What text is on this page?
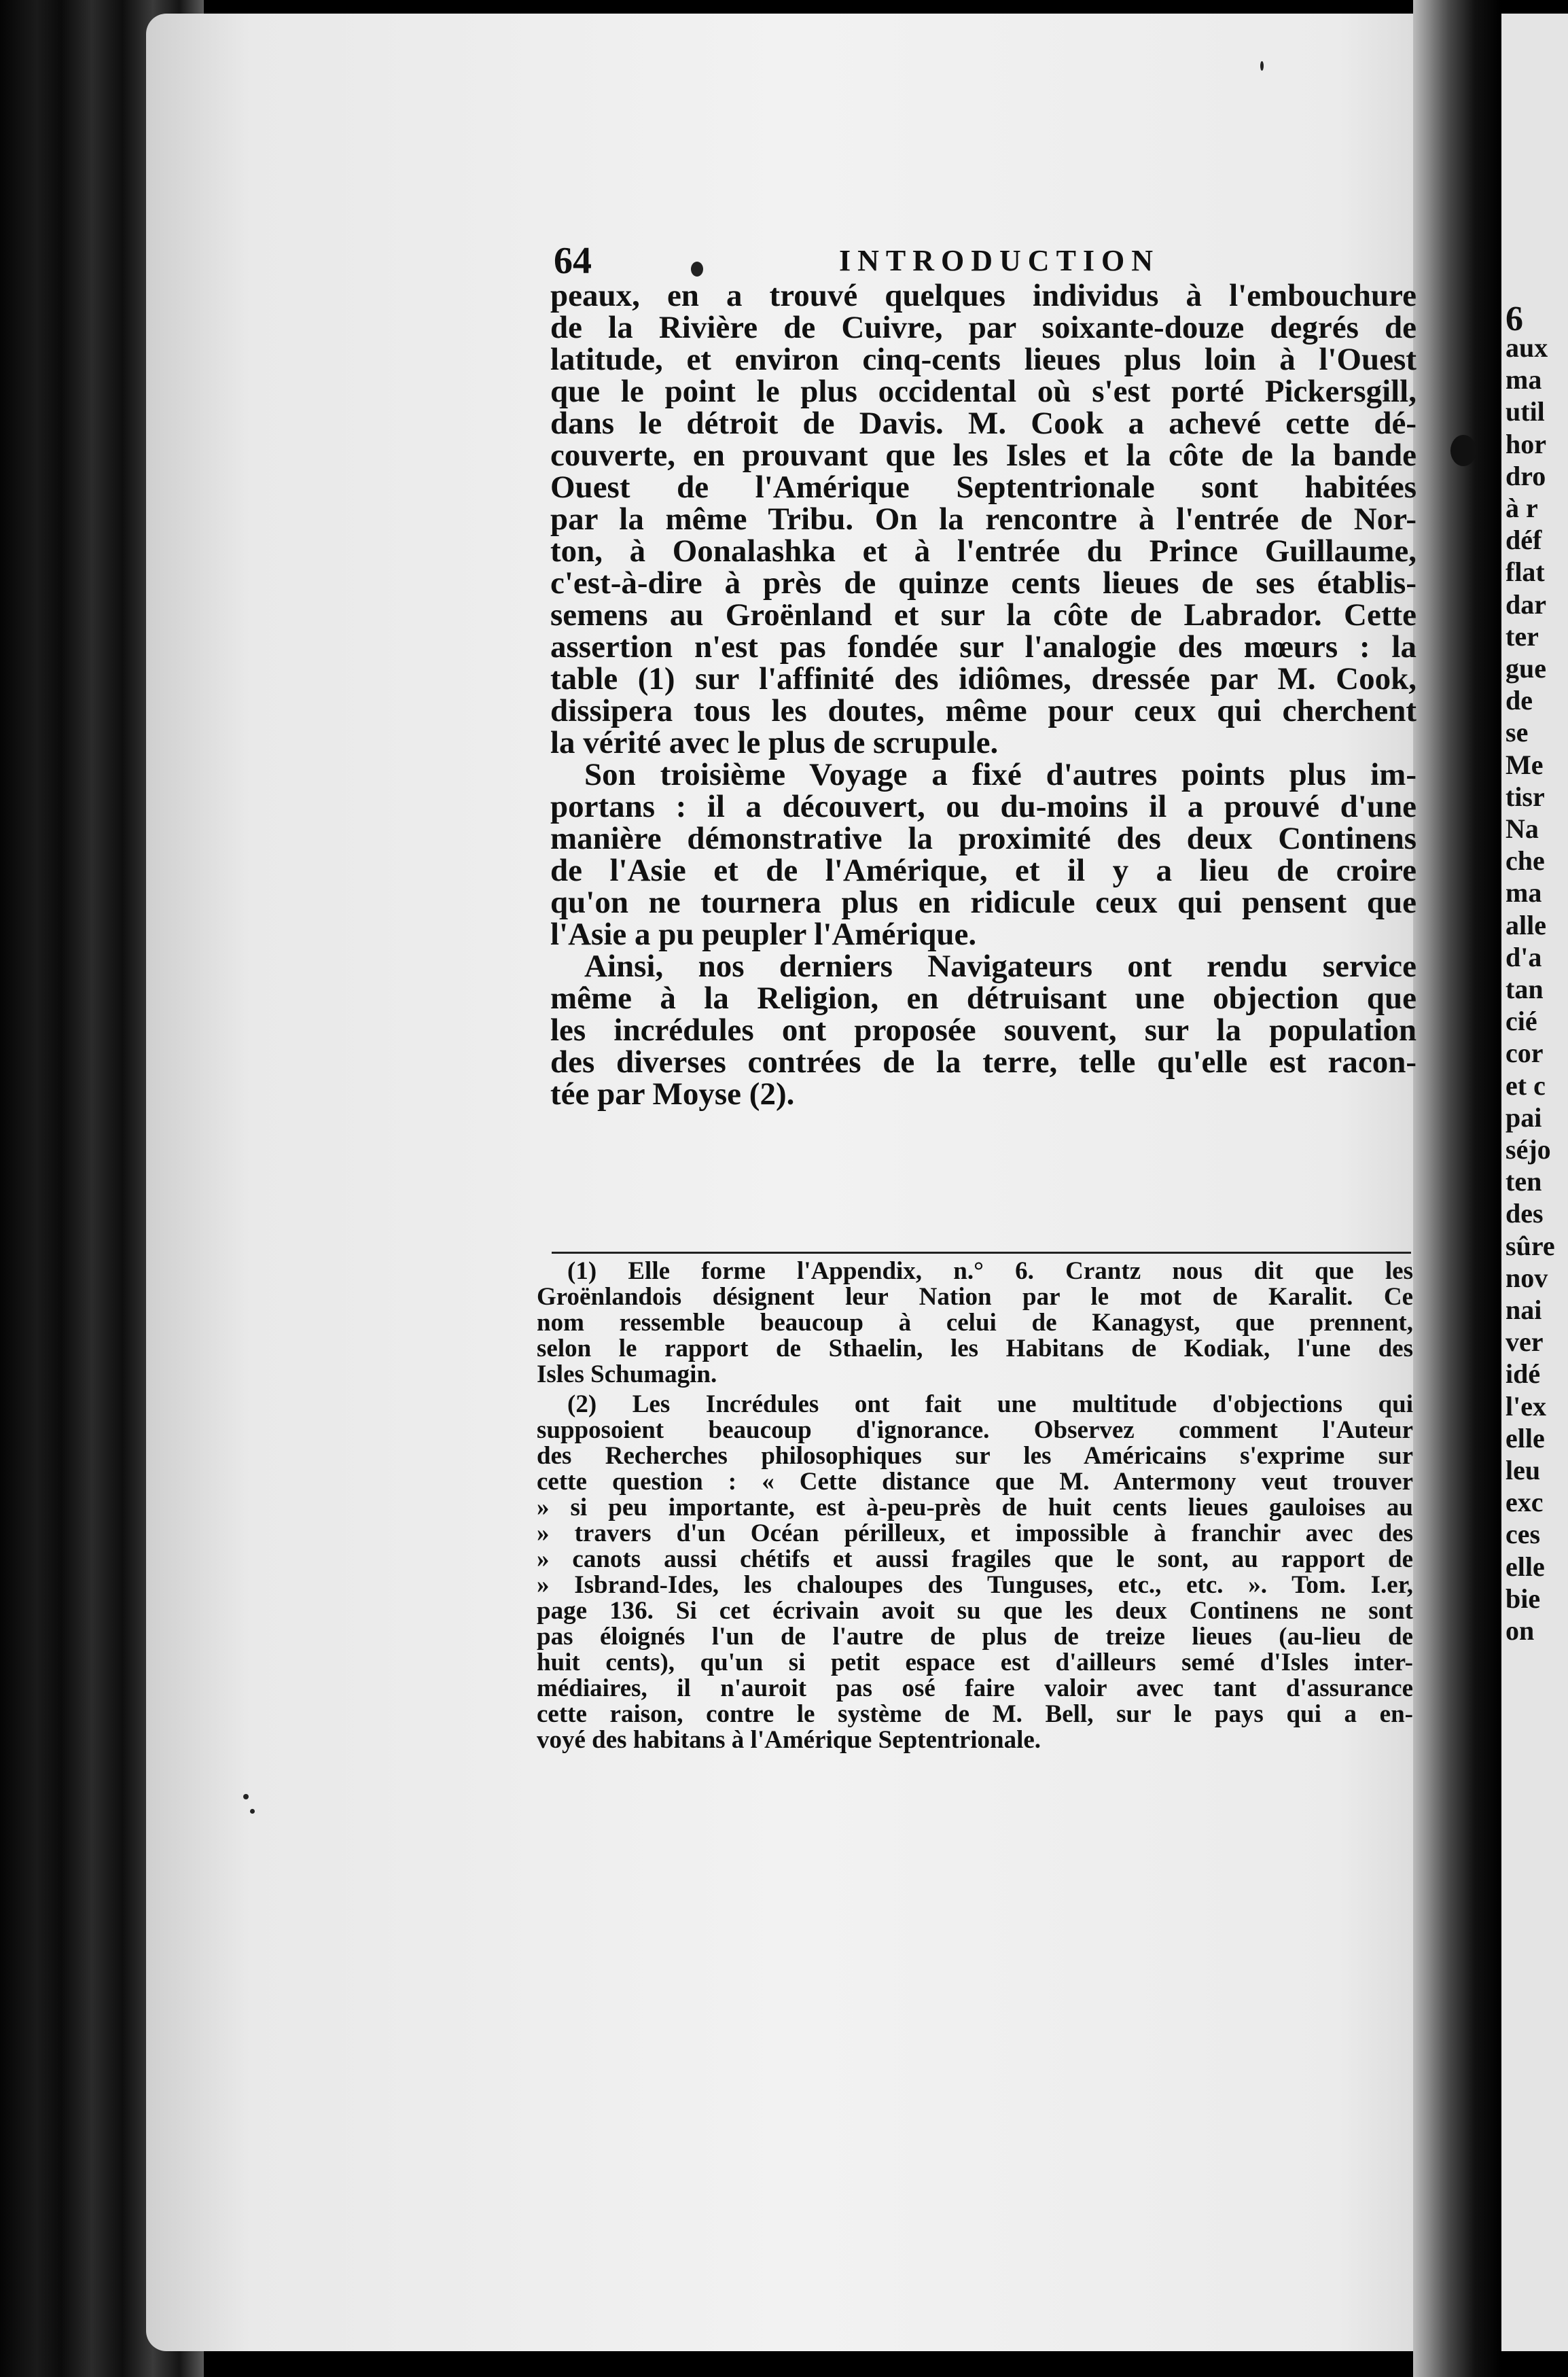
6
aux
ma
util
hor
dro
à r
déf
flat
dar
ter
gue
de
se
Me
tisr
Na
che
ma
alle
d'a
tan
cié
cor
et c
pai
séjo
ten
des
sûre
nov
nai
ver
idé
l'ex
elle
leu
exc
ces
elle
bie
on
64	INTRODUCTION
peaux, en a trouvé quelques individus à l'embouchure
de la Rivière de Cuivre, par soixante-douze degrés de
latitude, et environ cinq-cents lieues plus loin à l'Ouest
que le point le plus occidental où s'est porté Pickersgill,
dans le détroit de Davis. M. Cook a achevé cette dé-
couverte, en prouvant que les Isles et la côte de la bande
Ouest de l'Amérique Septentrionale sont habitées
par la même Tribu. On la rencontre à l'entrée de Nor-
ton, à Oonalashka et à l'entrée du Prince Guillaume,
c'est-à-dire à près de quinze cents lieues de ses établis-
semens au Groënland et sur la côte de Labrador. Cette
assertion n'est pas fondée sur l'analogie des mœurs : la
table (1) sur l'affinité des idiômes, dressée par M. Cook,
dissipera tous les doutes, même pour ceux qui cherchent
la vérité avec le plus de scrupule.
Son troisième Voyage a fixé d'autres points plus im-
portans : il a découvert, ou du-moins il a prouvé d'une
manière démonstrative la proximité des deux Continens
de l'Asie et de l'Amérique, et il y a lieu de croire
qu'on ne tournera plus en ridicule ceux qui pensent que
l'Asie a pu peupler l'Amérique.
Ainsi, nos derniers Navigateurs ont rendu service
même à la Religion, en détruisant une objection que
les incrédules ont proposée souvent, sur la population
des diverses contrées de la terre, telle qu'elle est racon-
tée par Moyse (2).
(1) Elle forme l'Appendix, n.° 6. Crantz nous dit que les
Groënlandois désignent leur Nation par le mot de Karalit. Ce
nom ressemble beaucoup à celui de Kanagyst, que prennent,
selon le rapport de Sthaelin, les Habitans de Kodiak, l'une des
Isles Schumagin.
(2) Les Incrédules ont fait une multitude d'objections qui
supposoient beaucoup d'ignorance. Observez comment l'Auteur
des Recherches philosophiques sur les Américains s'exprime sur
cette question : « Cette distance que M. Antermony veut trouver
» si peu importante, est à-peu-près de huit cents lieues gauloises au
» travers d'un Océan périlleux, et impossible à franchir avec des
» canots aussi chétifs et aussi fragiles que le sont, au rapport de
» Isbrand-Ides, les chaloupes des Tunguses, etc., etc. ». Tom. I.er,
page 136. Si cet écrivain avoit su que les deux Continens ne sont
pas éloignés l'un de l'autre de plus de treize lieues (au-lieu de
huit cents), qu'un si petit espace est d'ailleurs semé d'Isles inter-
médiaires, il n'auroit pas osé faire valoir avec tant d'assurance
cette raison, contre le système de M. Bell, sur le pays qui a en-
voyé des habitans à l'Amérique Septentrionale.
